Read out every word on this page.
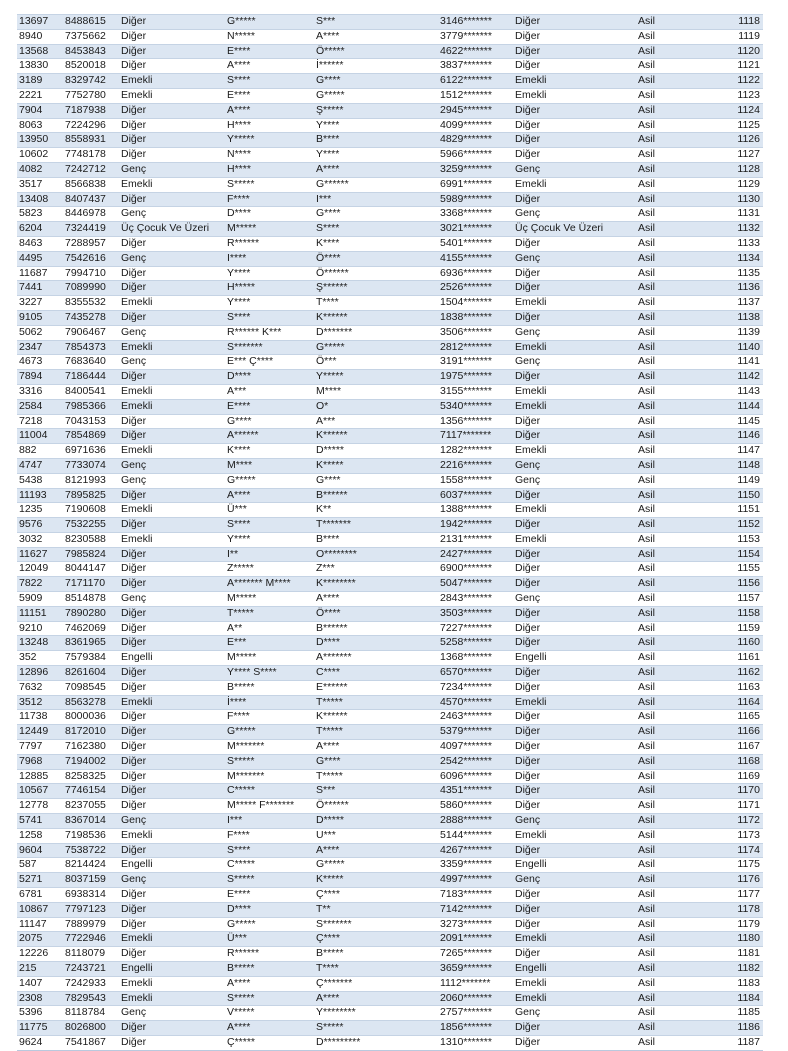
13697	8488615	Diğer	G*****	S***	3146*******	Diğer	Asil	1118
8940	7375662	Diğer	N*****	A****	3779*******	Diğer	Asil	1119
13568	8453843	Diğer	E****	Ö*****	4622*******	Diğer	Asil	1120
13830	8520018	Diğer	A****	İ******	3837*******	Diğer	Asil	1121
3189	8329742	Emekli	S****	G****	6122*******	Emekli	Asil	1122
2221	7752780	Emekli	E****	G*****	1512*******	Emekli	Asil	1123
7904	7187938	Diğer	A****	Ş*****	2945*******	Diğer	Asil	1124
8063	7224296	Diğer	H****	Y****	4099*******	Diğer	Asil	1125
13950	8558931	Diğer	Y*****	B****	4829*******	Diğer	Asil	1126
10602	7748178	Diğer	N****	Y****	5966*******	Diğer	Asil	1127
4082	7242712	Genç	H****	A****	3259*******	Genç	Asil	1128
3517	8566838	Emekli	S*****	G******	6991*******	Emekli	Asil	1129
13408	8407437	Diğer	F****	I***	5989*******	Diğer	Asil	1130
5823	8446978	Genç	D****	G****	3368*******	Genç	Asil	1131
6204	7324419	Üç Çocuk Ve Üzeri	M*****	S****	3021*******	Üç Çocuk Ve Üzeri	Asil	1132
8463	7288957	Diğer	R******	K****	5401*******	Diğer	Asil	1133
4495	7542616	Genç	I****	Ö****	4155*******	Genç	Asil	1134
11687	7994710	Diğer	Y****	Ö******	6936*******	Diğer	Asil	1135
7441	7089990	Diğer	H*****	Ş******	2526*******	Diğer	Asil	1136
3227	8355532	Emekli	Y****	T****	1504*******	Emekli	Asil	1137
9105	7435278	Diğer	S****	K******	1838*******	Diğer	Asil	1138
5062	7906467	Genç	R****** K***	D*******	3506*******	Genç	Asil	1139
2347	7854373	Emekli	S*******	G*****	2812*******	Emekli	Asil	1140
4673	7683640	Genç	E*** Ç****	Ö***	3191*******	Genç	Asil	1141
7894	7186444	Diğer	D****	Y*****	1975*******	Diğer	Asil	1142
3316	8400541	Emekli	A***	M****	3155*******	Emekli	Asil	1143
2584	7985366	Emekli	E****	O*	5340*******	Emekli	Asil	1144
7218	7043153	Diğer	G****	A***	1356*******	Diğer	Asil	1145
11004	7854869	Diğer	A******	K******	7117*******	Diğer	Asil	1146
882	6971636	Emekli	K****	D*****	1282*******	Emekli	Asil	1147
4747	7733074	Genç	M****	K*****	2216*******	Genç	Asil	1148
5438	8121993	Genç	G*****	G****	1558*******	Genç	Asil	1149
11193	7895825	Diğer	A****	B******	6037*******	Diğer	Asil	1150
1235	7190608	Emekli	Ü***	K**	1388*******	Emekli	Asil	1151
9576	7532255	Diğer	S****	T*******	1942*******	Diğer	Asil	1152
3032	8230588	Emekli	Y****	B****	2131*******	Emekli	Asil	1153
11627	7985824	Diğer	I**	O********	2427*******	Diğer	Asil	1154
12049	8044147	Diğer	Z*****	Z***	6900*******	Diğer	Asil	1155
7822	7171170	Diğer	A******* M****	K********	5047*******	Diğer	Asil	1156
5909	8514878	Genç	M*****	A****	2843*******	Genç	Asil	1157
11151	7890280	Diğer	T*****	Ö****	3503*******	Diğer	Asil	1158
9210	7462069	Diğer	A**	B******	7227*******	Diğer	Asil	1159
13248	8361965	Diğer	E***	D****	5258*******	Diğer	Asil	1160
352	7579384	Engelli	M*****	A*******	1368*******	Engelli	Asil	1161
12896	8261604	Diğer	Y**** S****	C****	6570*******	Diğer	Asil	1162
7632	7098545	Diğer	B*****	E******	7234*******	Diğer	Asil	1163
3512	8563278	Emekli	İ****	T*****	4570*******	Emekli	Asil	1164
11738	8000036	Diğer	F****	K******	2463*******	Diğer	Asil	1165
12449	8172010	Diğer	G*****	T*****	5379*******	Diğer	Asil	1166
7797	7162380	Diğer	M*******	A****	4097*******	Diğer	Asil	1167
7968	7194002	Diğer	S*****	G****	2542*******	Diğer	Asil	1168
12885	8258325	Diğer	M*******	T*****	6096*******	Diğer	Asil	1169
10567	7746154	Diğer	C*****	S***	4351*******	Diğer	Asil	1170
12778	8237055	Diğer	M***** F*******	Ö******	5860*******	Diğer	Asil	1171
5741	8367014	Genç	I***	D*****	2888*******	Genç	Asil	1172
1258	7198536	Emekli	F****	U***	5144*******	Emekli	Asil	1173
9604	7538722	Diğer	S****	A****	4267*******	Diğer	Asil	1174
587	8214424	Engelli	C*****	G*****	3359*******	Engelli	Asil	1175
5271	8037159	Genç	S*****	K*****	4997*******	Genç	Asil	1176
6781	6938314	Diğer	E****	Ç****	7183*******	Diğer	Asil	1177
10867	7797123	Diğer	D****	T**	7142*******	Diğer	Asil	1178
11147	7889979	Diğer	G*****	S*******	3273*******	Diğer	Asil	1179
2075	7722946	Emekli	Ü***	Ç****	2091*******	Emekli	Asil	1180
12226	8118079	Diğer	R******	B*****	7265*******	Diğer	Asil	1181
215	7243721	Engelli	B*****	T****	3659*******	Engelli	Asil	1182
1407	7242933	Emekli	A****	Ç*******	1112*******	Emekli	Asil	1183
2308	7829543	Emekli	S*****	A****	2060*******	Emekli	Asil	1184
5396	8118784	Genç	V*****	Y********	2757*******	Genç	Asil	1185
11775	8026800	Diğer	A****	S*****	1856*******	Diğer	Asil	1186
9624	7541867	Diğer	Ç*****	D*********	1310*******	Diğer	Asil	1187
